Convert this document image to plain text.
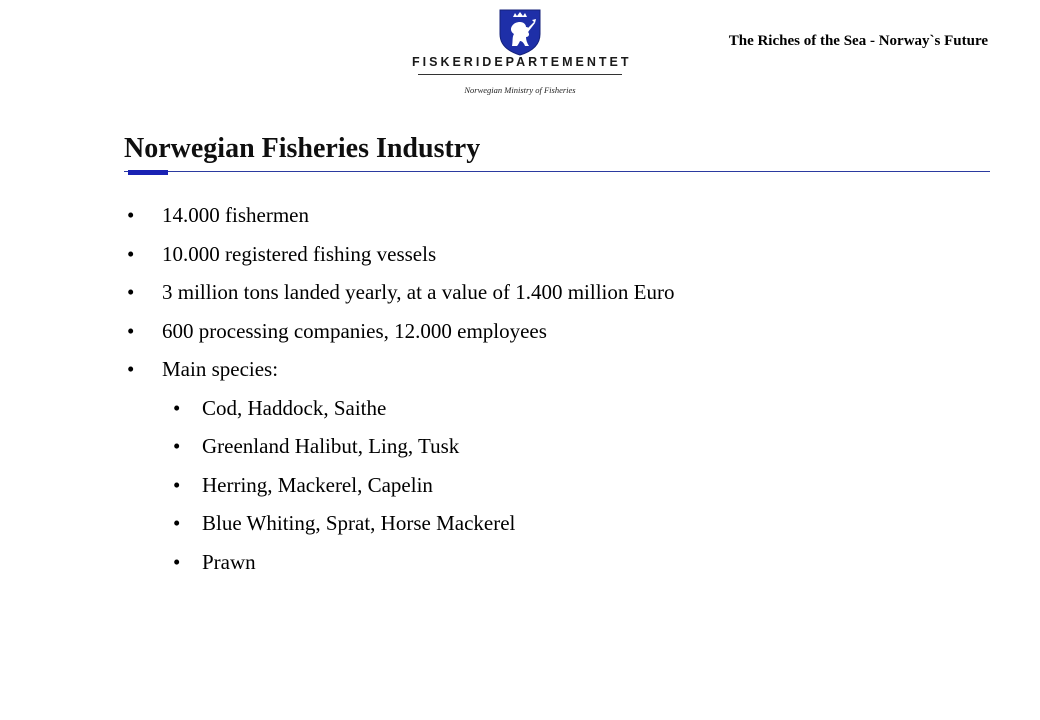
FISKERIDEPARTEMENTET
Norwegian Ministry of Fisheries
The Riches of the Sea - Norway`s Future
Norwegian Fisheries Industry
• 14.000 fishermen
• 10.000 registered fishing vessels
• 3 million tons landed yearly, at a value of 1.400 million Euro
• 600 processing companies, 12.000 employees
• Main species:
• Cod, Haddock, Saithe
• Greenland Halibut, Ling, Tusk
• Herring, Mackerel, Capelin
• Blue Whiting, Sprat, Horse Mackerel
• Prawn
